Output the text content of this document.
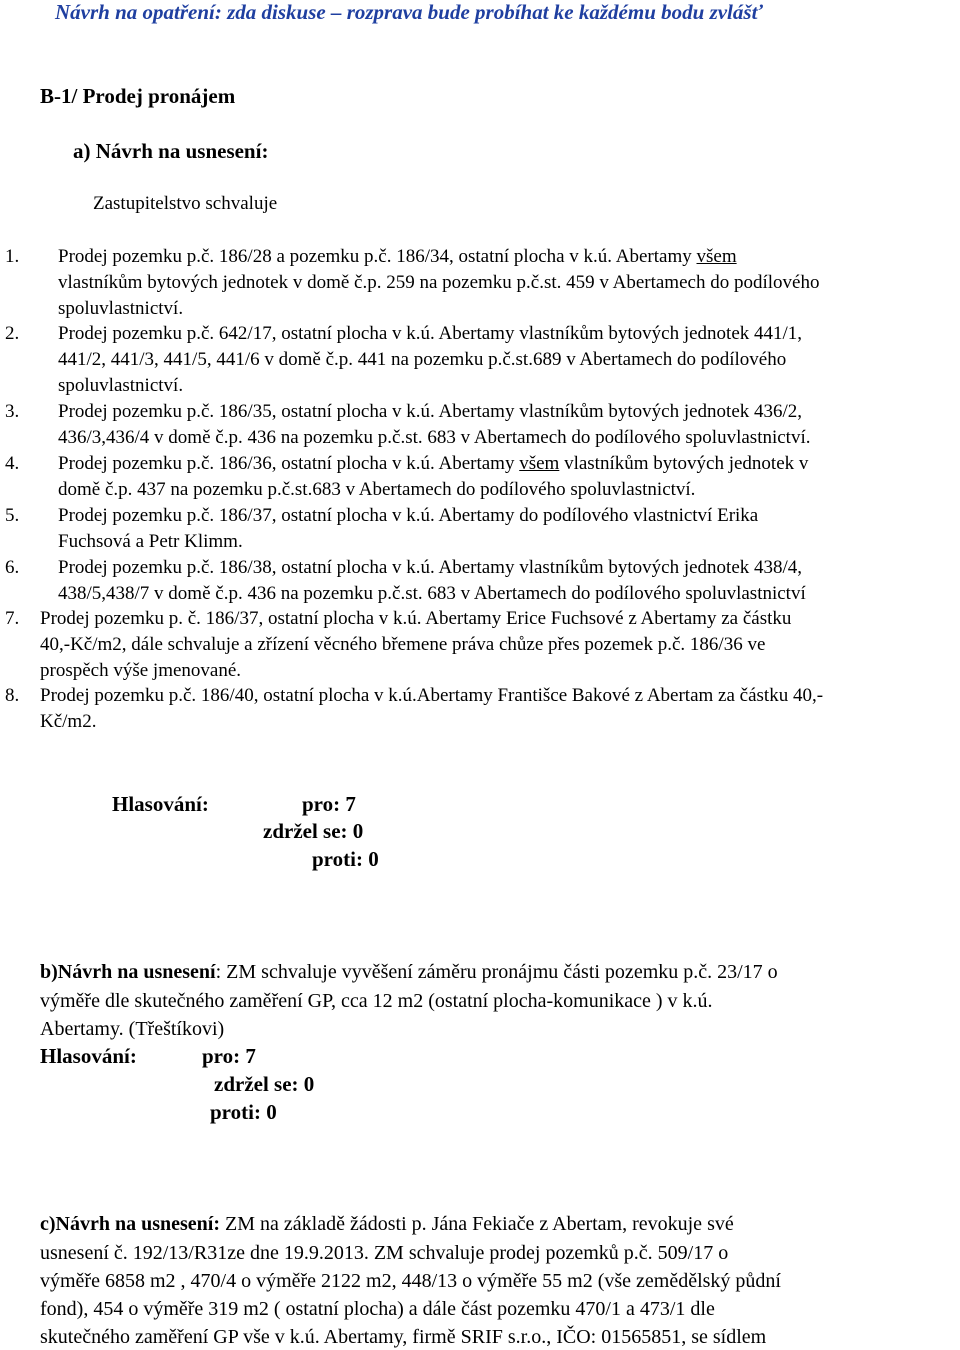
Návrh na opatření: zda diskuse – rozprava bude probíhat ke každému bodu zvlášť
B-1/ Prodej pronájem
a) Návrh na usnesení:
Zastupitelstvo schvaluje
1. Prodej pozemku p.č. 186/28 a pozemku p.č. 186/34, ostatní plocha v k.ú. Abertamy všem
vlastníkům bytových jednotek v domě č.p. 259 na pozemku p.č.st. 459 v Abertamech do podílového
spoluvlastnictví.
2. Prodej pozemku p.č. 642/17, ostatní plocha v k.ú. Abertamy vlastníkům bytových jednotek 441/1,
441/2, 441/3, 441/5, 441/6 v domě č.p. 441 na pozemku p.č.st.689 v Abertamech do podílového
spoluvlastnictví.
3. Prodej pozemku p.č. 186/35, ostatní plocha v k.ú. Abertamy vlastníkům bytových jednotek 436/2,
436/3,436/4 v domě č.p. 436 na pozemku p.č.st. 683 v Abertamech do podílového spoluvlastnictví.
4. Prodej pozemku p.č. 186/36, ostatní plocha v k.ú. Abertamy všem vlastníkům bytových jednotek v
domě č.p. 437 na pozemku p.č.st.683 v Abertamech do podílového spoluvlastnictví.
5. Prodej pozemku p.č. 186/37, ostatní plocha v k.ú. Abertamy do podílového vlastnictví Erika
Fuchsová a Petr Klimm.
6. Prodej pozemku p.č. 186/38, ostatní plocha v k.ú. Abertamy vlastníkům bytových jednotek 438/4,
438/5,438/7 v domě č.p. 436 na pozemku p.č.st. 683 v Abertamech do podílového spoluvlastnictví
7. Prodej pozemku p. č. 186/37, ostatní plocha v k.ú. Abertamy Erice Fuchsové z Abertamy za částku
40,-Kč/m2, dále schvaluje a zřízení věcného břemene práva chůze přes pozemek p.č. 186/36 ve
prospěch výše jmenované.
8. Prodej pozemku p.č. 186/40, ostatní plocha v k.ú.Abertamy Františce Bakové z Abertam za částku 40,-
Kč/m2.
Hlasování:	pro: 7
zdržel se: 0
proti: 0
b)Návrh na usnesení: ZM schvaluje vyvěšení záměru pronájmu části pozemku p.č. 23/17 o
výměře dle skutečného zaměření GP, cca 12 m2 (ostatní plocha-komunikace ) v k.ú.
Abertamy. (Třeštíkovi)
Hlasování:	pro: 7
zdržel se: 0
proti: 0
c)Návrh na usnesení: ZM na základě žádosti p. Jána Fekiače z Abertam, revokuje své
usnesení č. 192/13/R31ze dne 19.9.2013. ZM schvaluje prodej pozemků p.č. 509/17 o
výměře 6858 m2 , 470/4 o výměře 2122 m2, 448/13 o výměře 55 m2 (vše zemědělský půdní
fond), 454 o výměře 319 m2 ( ostatní plocha) a dále část pozemku 470/1 a 473/1 dle
skutečného zaměření GP vše v k.ú. Abertamy, firmě SRIF s.r.o., IČO: 01565851, se sídlem
